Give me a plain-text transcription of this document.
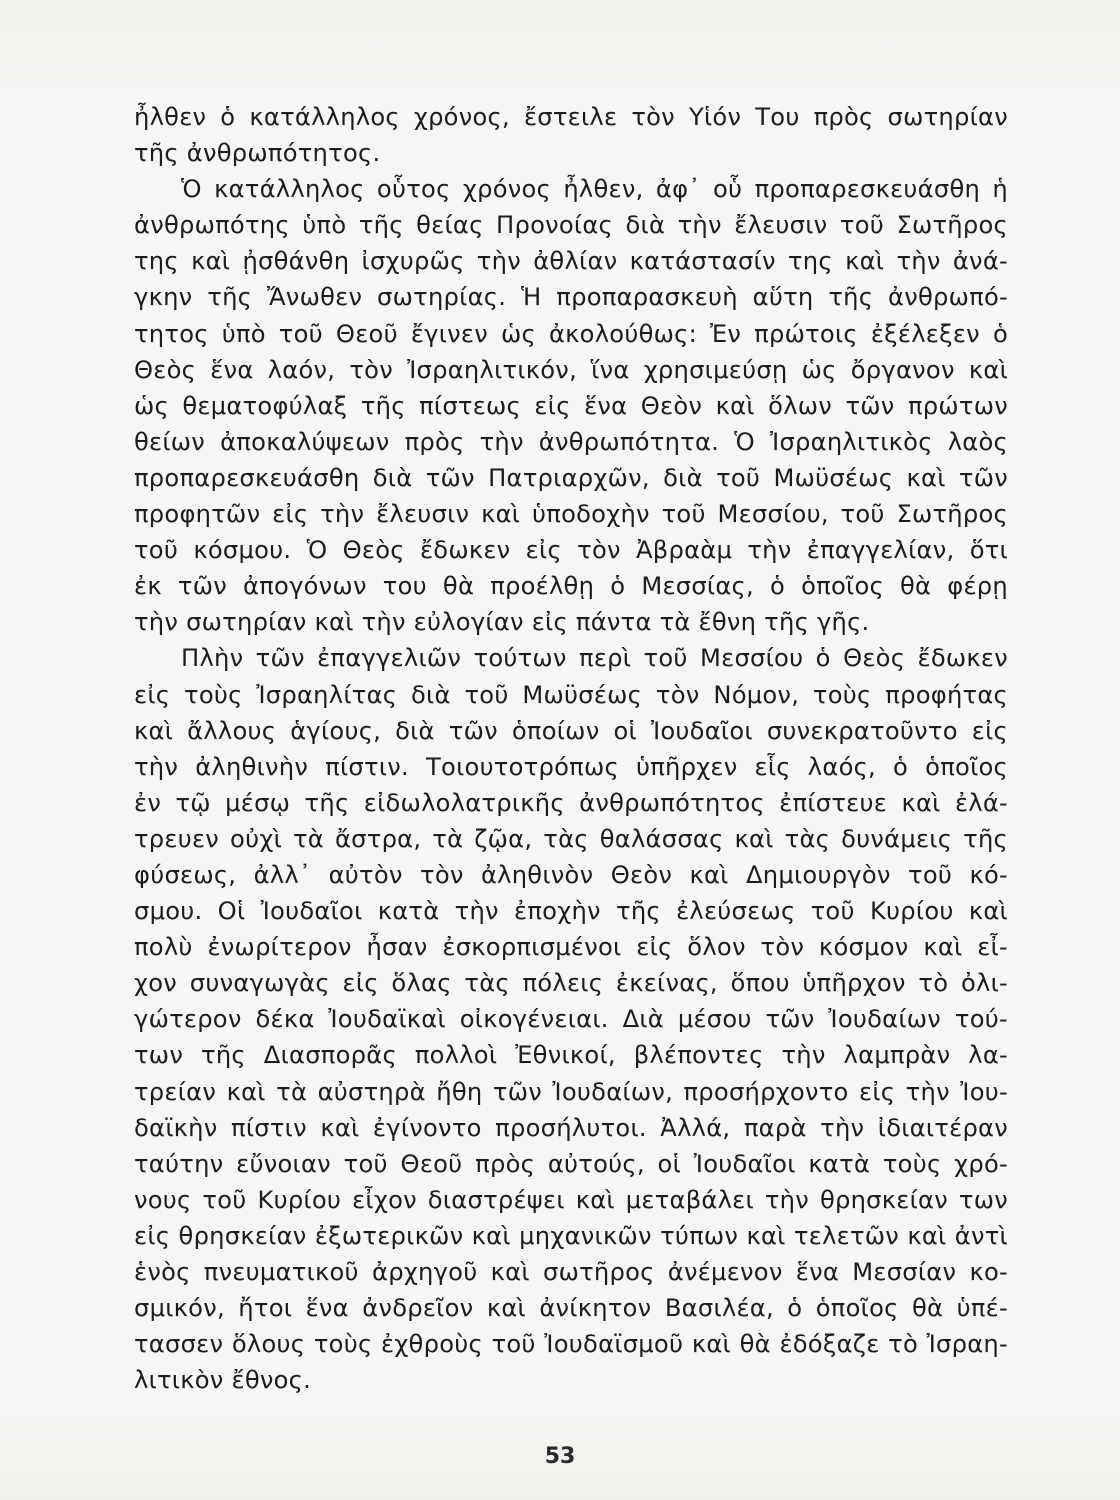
ἦλθεν ὁ κατάλληλος χρόνος, ἔστειλε τὸν Υἱόν Του πρὸς σωτηρίαν
τῆς ἀνθρωπότητος.
Ὁ κατάλληλος οὗτος χρόνος ἦλθεν, ἀφ᾽ οὗ προπαρεσκευάσθη ἡ
ἀνθρωπότης ὑπὸ τῆς θείας Προνοίας διὰ τὴν ἔλευσιν τοῦ Σωτῆρος
της καὶ ᾐσθάνθη ἰσχυρῶς τὴν ἀθλίαν κατάστασίν της καὶ τὴν ἀνά-
γκην τῆς Ἄνωθεν σωτηρίας. Ἡ προπαρασκευὴ αὕτη τῆς ἀνθρωπό-
τητος ὑπὸ τοῦ Θεοῦ ἔγινεν ὡς ἀκολούθως: Ἐν πρώτοις ἐξέλεξεν ὁ
Θεὸς ἕνα λαόν, τὸν Ἰσραηλιτικόν, ἵνα χρησιμεύσῃ ὡς ὄργανον καὶ
ὡς θεματοφύλαξ τῆς πίστεως εἰς ἕνα Θεὸν καὶ ὅλων τῶν πρώτων
θείων ἀποκαλύψεων πρὸς τὴν ἀνθρωπότητα. Ὁ Ἰσραηλιτικὸς λαὸς
προπαρεσκευάσθη διὰ τῶν Πατριαρχῶν, διὰ τοῦ Μωϋσέως καὶ τῶν
προφητῶν εἰς τὴν ἔλευσιν καὶ ὑποδοχὴν τοῦ Μεσσίου, τοῦ Σωτῆρος
τοῦ κόσμου. Ὁ Θεὸς ἔδωκεν εἰς τὸν Ἀβραὰμ τὴν ἐπαγγελίαν, ὅτι
ἐκ τῶν ἀπογόνων του θὰ προέλθῃ ὁ Μεσσίας, ὁ ὁποῖος θὰ φέρῃ
τὴν σωτηρίαν καὶ τὴν εὐλογίαν εἰς πάντα τὰ ἔθνη τῆς γῆς.
Πλὴν τῶν ἐπαγγελιῶν τούτων περὶ τοῦ Μεσσίου ὁ Θεὸς ἔδωκεν
εἰς τοὺς Ἰσραηλίτας διὰ τοῦ Μωϋσέως τὸν Νόμον, τοὺς προφήτας
καὶ ἄλλους ἁγίους, διὰ τῶν ὁποίων οἱ Ἰουδαῖοι συνεκρατοῦντο εἰς
τὴν ἀληθινὴν πίστιν. Τοιουτοτρόπως ὑπῆρχεν εἷς λαός, ὁ ὁποῖος
ἐν τῷ μέσῳ τῆς εἰδωλολατρικῆς ἀνθρωπότητος ἐπίστευε καὶ ἐλά-
τρευεν οὐχὶ τὰ ἄστρα, τὰ ζῷα, τὰς θαλάσσας καὶ τὰς δυνάμεις τῆς
φύσεως, ἀλλ᾽ αὐτὸν τὸν ἀληθινὸν Θεὸν καὶ Δημιουργὸν τοῦ κό-
σμου. Οἱ Ἰουδαῖοι κατὰ τὴν ἐποχὴν τῆς ἐλεύσεως τοῦ Κυρίου καὶ
πολὺ ἐνωρίτερον ἦσαν ἐσκορπισμένοι εἰς ὅλον τὸν κόσμον καὶ εἶ-
χον συναγωγὰς εἰς ὅλας τὰς πόλεις ἐκείνας, ὅπου ὑπῆρχον τὸ ὀλι-
γώτερον δέκα Ἰουδαϊκαὶ οἰκογένειαι. Διὰ μέσου τῶν Ἰουδαίων τού-
των τῆς Διασπορᾶς πολλοὶ Ἐθνικοί, βλέποντες τὴν λαμπρὰν λα-
τρείαν καὶ τὰ αὐστηρὰ ἤθη τῶν Ἰουδαίων, προσήρχοντο εἰς τὴν Ἰου-
δαϊκὴν πίστιν καὶ ἐγίνοντο προσήλυτοι. Ἀλλά, παρὰ τὴν ἰδιαιτέραν
ταύτην εὔνοιαν τοῦ Θεοῦ πρὸς αὐτούς, οἱ Ἰουδαῖοι κατὰ τοὺς χρό-
νους τοῦ Κυρίου εἶχον διαστρέψει καὶ μεταβάλει τὴν θρησκείαν των
εἰς θρησκείαν ἐξωτερικῶν καὶ μηχανικῶν τύπων καὶ τελετῶν καὶ ἀντὶ
ἑνὸς πνευματικοῦ ἀρχηγοῦ καὶ σωτῆρος ἀνέμενον ἕνα Μεσσίαν κο-
σμικόν, ἤτοι ἕνα ἀνδρεῖον καὶ ἀνίκητον Βασιλέα, ὁ ὁποῖος θὰ ὑπέ-
τασσεν ὅλους τοὺς ἐχθροὺς τοῦ Ἰουδαϊσμοῦ καὶ θὰ ἐδόξαζε τὸ Ἰσραη-
λιτικὸν ἔθνος.
53
